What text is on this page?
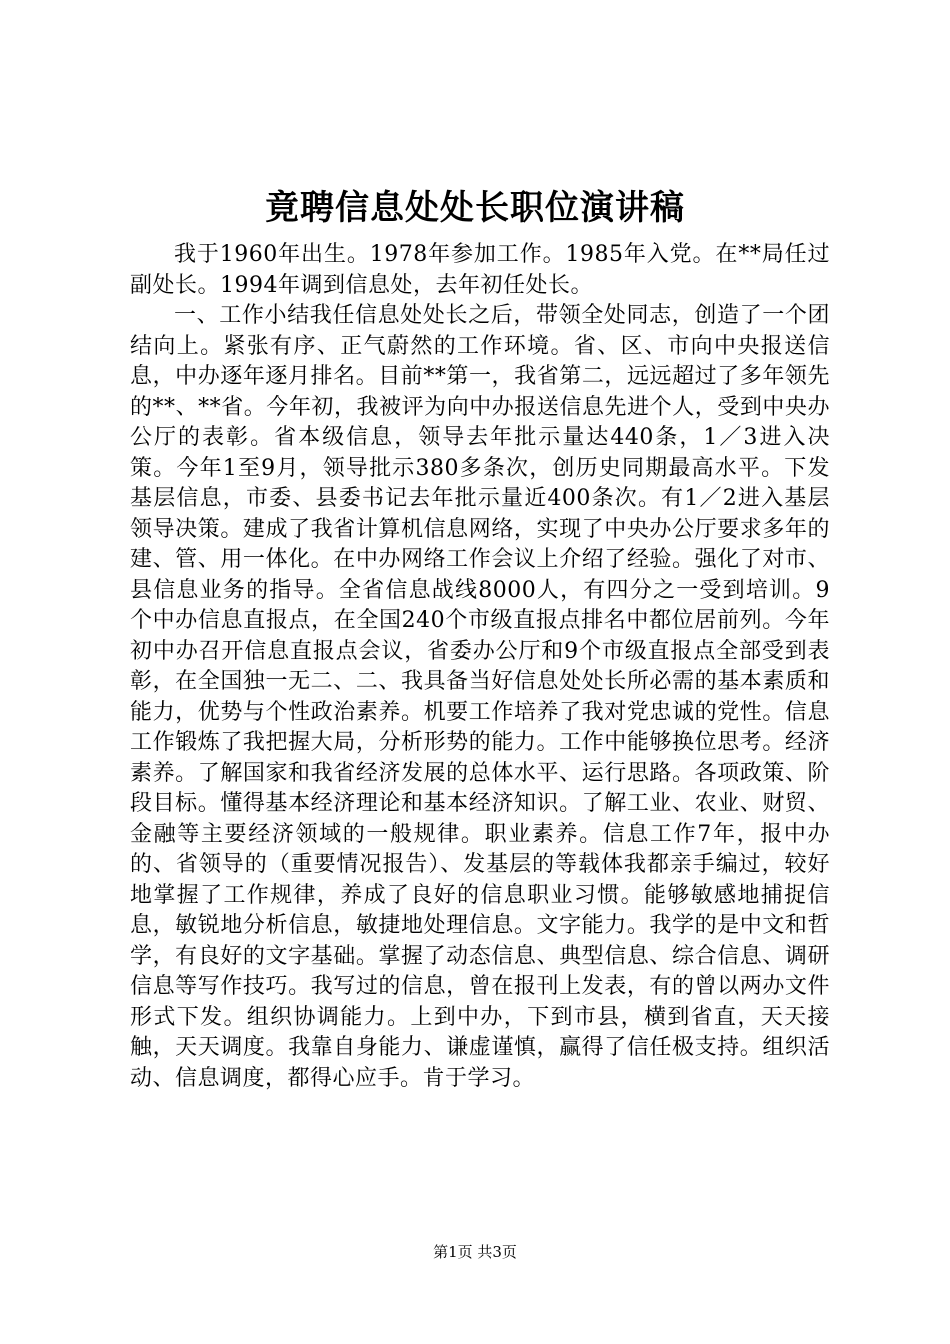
竟聘信息处处长职位演讲稿

我于1960年出生。1978年参加工作。1985年入党。在**局任过副处长。1994年调到信息处，去年初任处长。

一、工作小结我任信息处处长之后，带领全处同志，创造了一个团结向上。紧张有序、正气蔚然的工作环境。省、区、市向中央报送信息，中办逐年逐月排名。目前**第一，我省第二，远远超过了多年领先的**、**省。今年初，我被评为向中办报送信息先进个人，受到中央办公厅的表彰。省本级信息，领导去年批示量达440条，1／3进入决策。今年1至9月，领导批示380多条次，创历史同期最高水平。下发基层信息，市委、县委书记去年批示量近400条次。有1／2进入基层领导决策。建成了我省计算机信息网络，实现了中央办公厅要求多年的建、管、用一体化。在中办网络工作会议上介绍了经验。强化了对市、县信息业务的指导。全省信息战线8000人，有四分之一受到培训。9个中办信息直报点，在全国240个市级直报点排名中都位居前列。今年初中办召开信息直报点会议，省委办公厅和9个市级直报点全部受到表彰，在全国独一无二、二、我具备当好信息处处长所必需的基本素质和能力，优势与个性政治素养。机要工作培养了我对党忠诚的党性。信息工作锻炼了我把握大局，分析形势的能力。工作中能够换位思考。经济素养。了解国家和我省经济发展的总体水平、运行思路。各项政策、阶段目标。懂得基本经济理论和基本经济知识。了解工业、农业、财贸、金融等主要经济领域的一般规律。职业素养。信息工作7年，报中办的、省领导的（重要情况报告）、发基层的等载体我都亲手编过，较好地掌握了工作规律，养成了良好的信息职业习惯。能够敏感地捕捉信息，敏锐地分析信息，敏捷地处理信息。文字能力。我学的是中文和哲学，有良好的文字基础。掌握了动态信息、典型信息、综合信息、调研信息等写作技巧。我写过的信息，曾在报刊上发表，有的曾以两办文件形式下发。组织协调能力。上到中办，下到市县，横到省直，天天接触，天天调度。我靠自身能力、谦虚谨慎，赢得了信任极支持。组织活动、信息调度，都得心应手。肯于学习。

第1页 共3页
